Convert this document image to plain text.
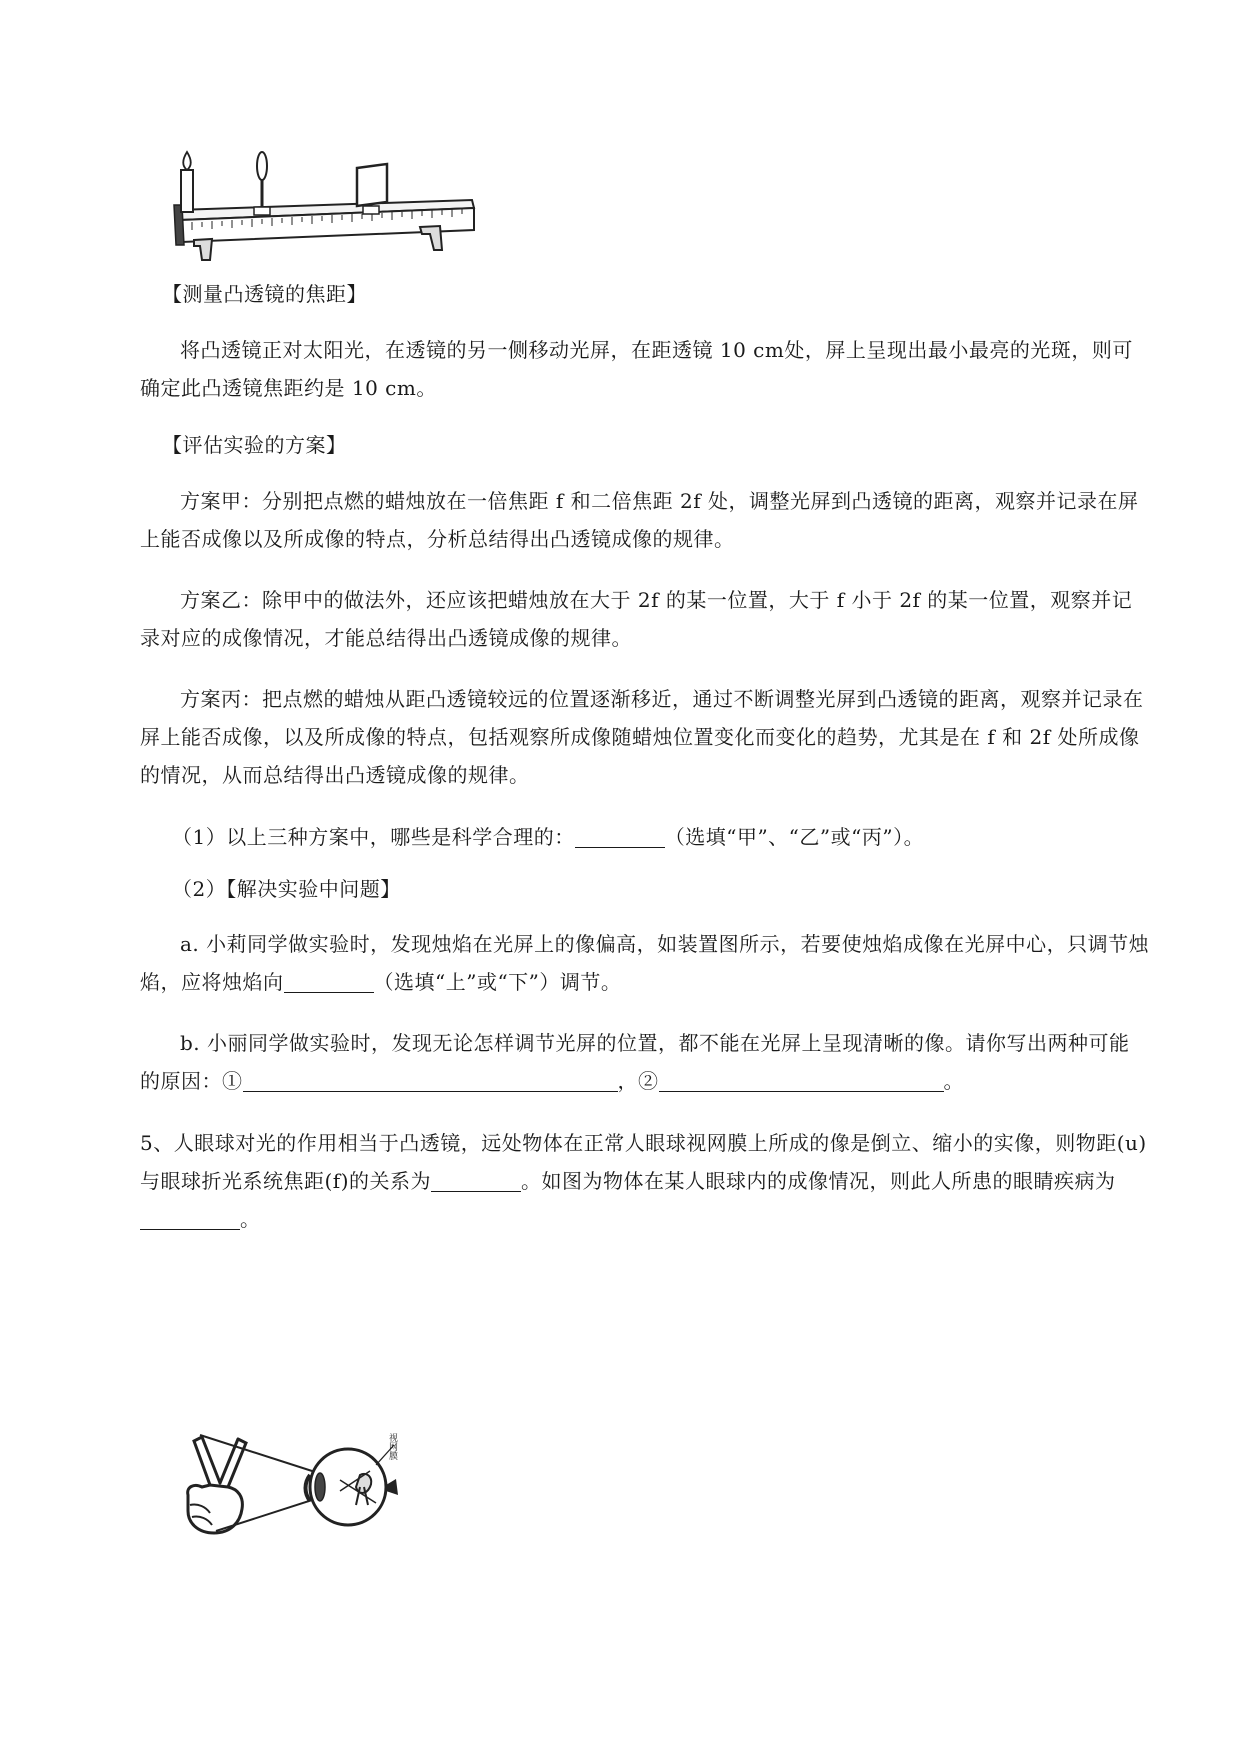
【测量凸透镜的焦距】

将凸透镜正对太阳光，在透镜的另一侧移动光屏，在距透镜 10 cm处，屏上呈现出最小最亮的光斑，则可确定此凸透镜焦距约是 10 cm。

【评估实验的方案】

方案甲：分别把点燃的蜡烛放在一倍焦距 f 和二倍焦距 2f 处，调整光屏到凸透镜的距离，观察并记录在屏上能否成像以及所成像的特点，分析总结得出凸透镜成像的规律。

方案乙：除甲中的做法外，还应该把蜡烛放在大于 2f 的某一位置，大于 f 小于 2f 的某一位置，观察并记录对应的成像情况，才能总结得出凸透镜成像的规律。

方案丙：把点燃的蜡烛从距凸透镜较远的位置逐渐移近，通过不断调整光屏到凸透镜的距离，观察并记录在屏上能否成像，以及所成像的特点，包括观察所成像随蜡烛位置变化而变化的趋势，尤其是在 f 和 2f 处所成像的情况，从而总结得出凸透镜成像的规律。

（1）以上三种方案中，哪些是科学合理的：	（选填“甲”、“乙”或“丙”）。

（2）【解决实验中问题】

a. 小莉同学做实验时，发现烛焰在光屏上的像偏高，如装置图所示，若要使烛焰成像在光屏中心，只调节烛焰，应将烛焰向	（选填“上”或“下”）调节。

b. 小丽同学做实验时，发现无论怎样调节光屏的位置，都不能在光屏上呈现清晰的像。请你写出两种可能的原因：①	，②	。

5、人眼球对光的作用相当于凸透镜，远处物体在正常人眼球视网膜上所成的像是倒立、缩小的实像，则物距(u)与眼球折光系统焦距(f)的关系为	。如图为物体在某人眼球内的成像情况，则此人所患的眼睛疾病为。

视网膜
